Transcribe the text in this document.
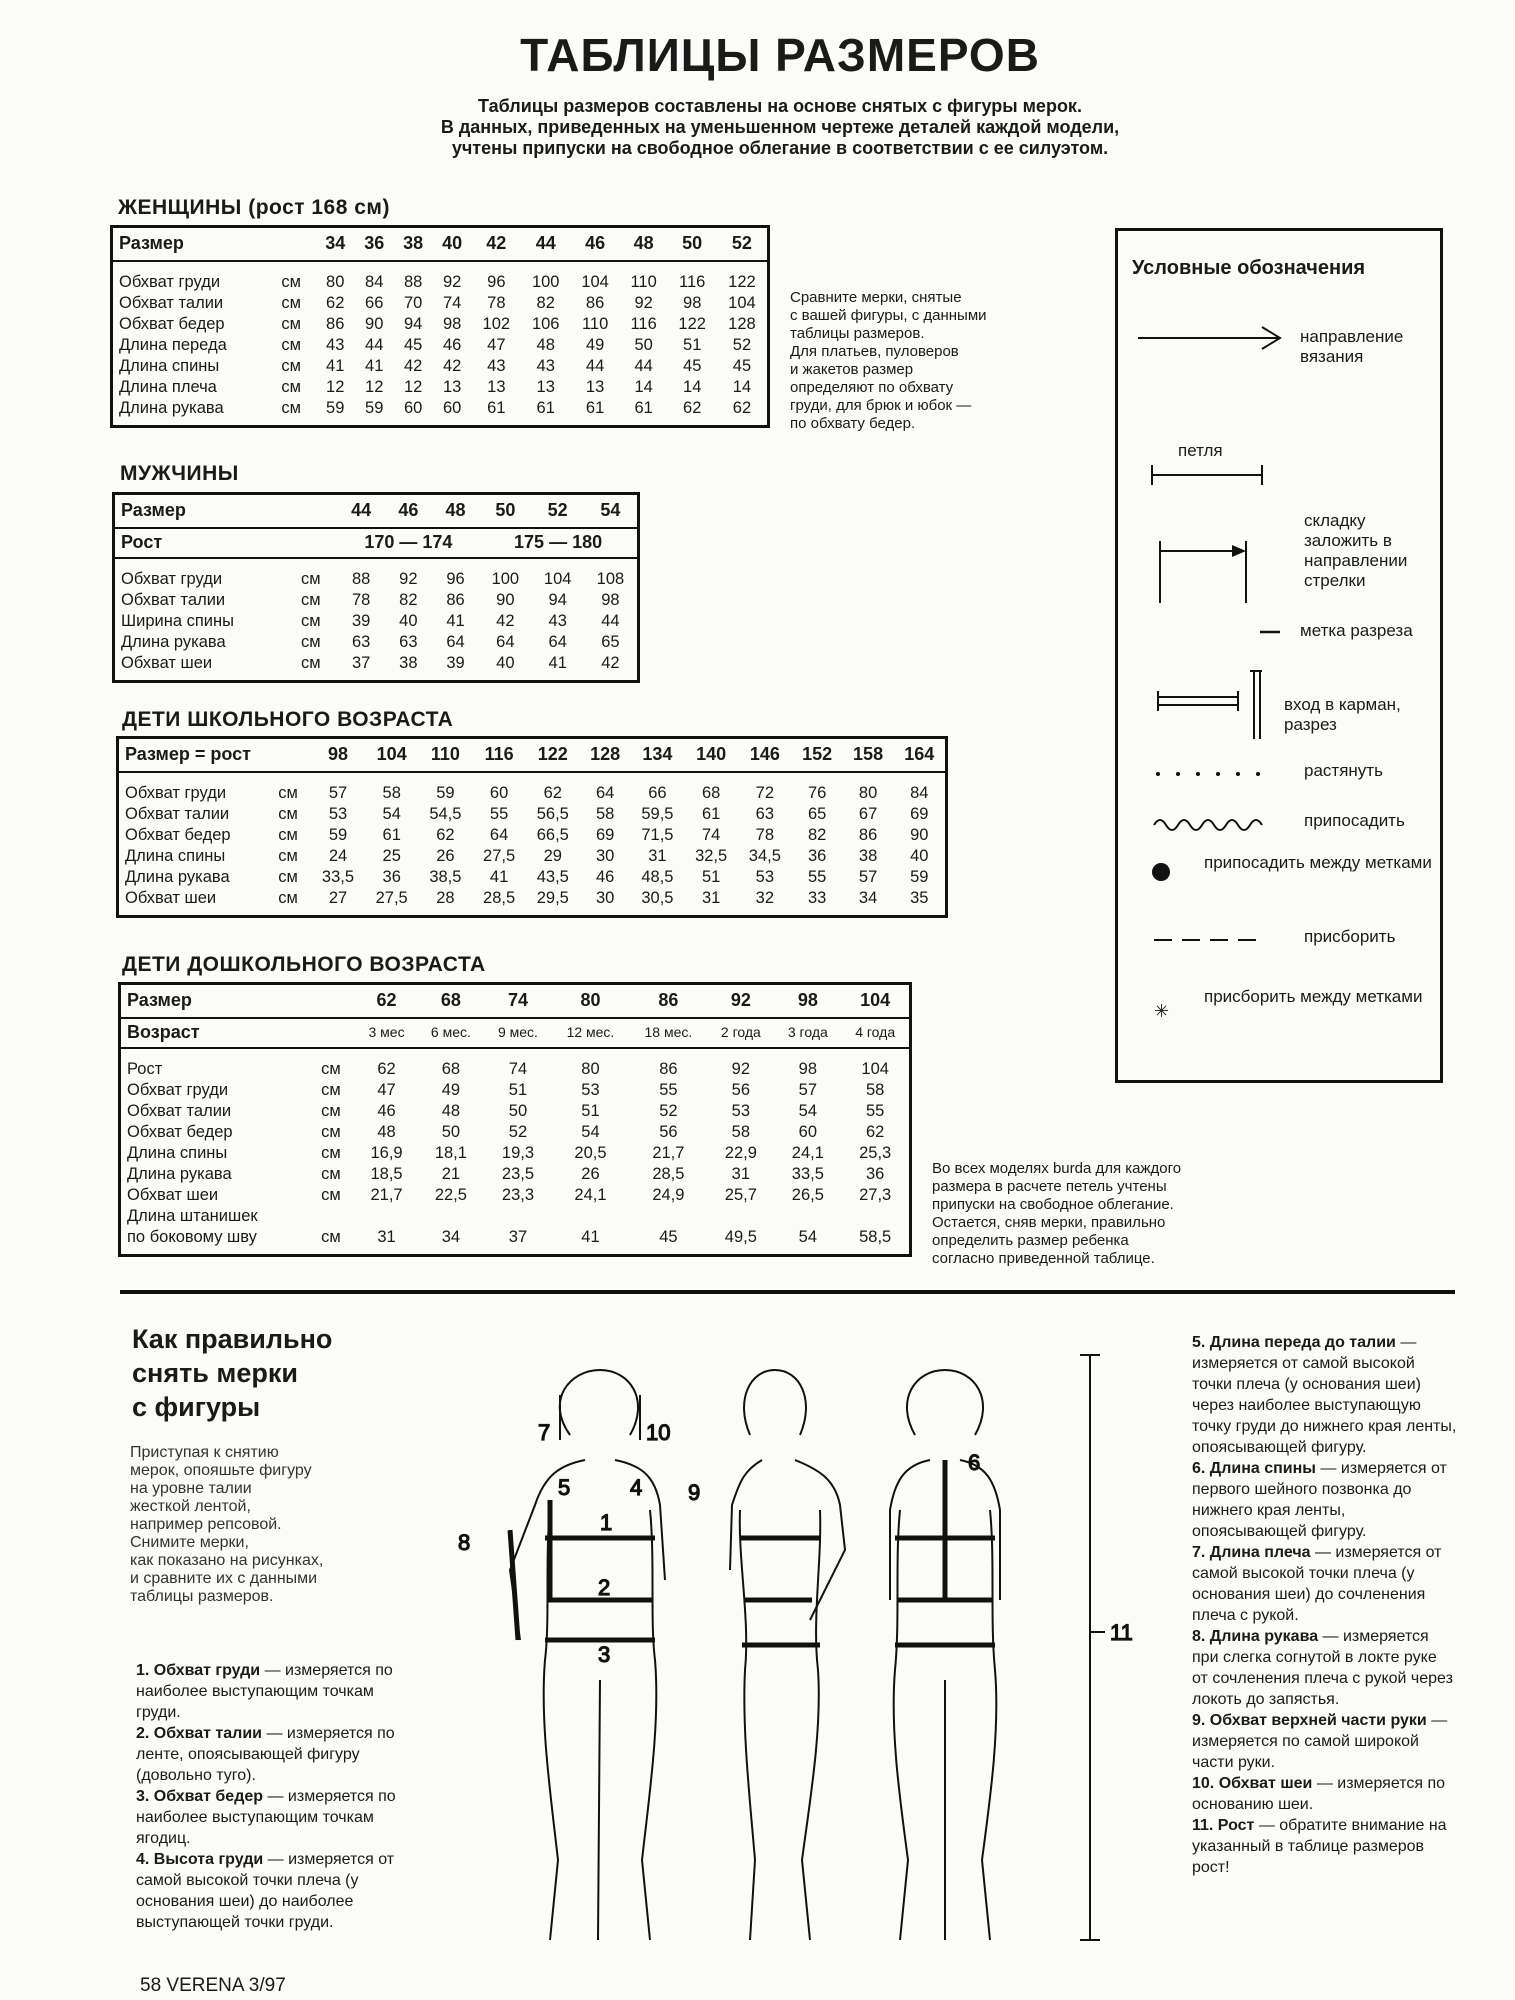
ТАБЛИЦЫ РАЗМЕРОВ
Таблицы размеров составлены на основе снятых с фигуры мерок.
В данных, приведенных на уменьшенном чертеже деталей каждой модели,
учтены припуски на свободное облегание в соответствии с ее силуэтом.
ЖЕНЩИНЫ (рост 168 см)
Размер		34	36	38	40	42	44	46	48	50	52
Обхват груди	см	80	84	88	92	96	100	104	110	116	122
Обхват талии	см	62	66	70	74	78	82	86	92	98	104
Обхват бедер	см	86	90	94	98	102	106	110	116	122	128
Длина переда	см	43	44	45	46	47	48	49	50	51	52
Длина спины	см	41	41	42	42	43	43	44	44	45	45
Длина плеча	см	12	12	12	13	13	13	13	14	14	14
Длина рукава	см	59	59	60	60	61	61	61	61	62	62

Сравните мерки, снятые
с вашей фигуры, с данными
таблицы размеров.
Для платьев, пуловеров
и жакетов размер
определяют по обхвату
груди, для брюк и юбок —
по обхвату бедер.
МУЖЧИНЫ
Размер		44	46	48	50	52	54
Рост		170 — 174			175 — 180		
Обхват груди	см	88	92	96	100	104	108
Обхват талии	см	78	82	86	90	94	98
Ширина спины	см	39	40	41	42	43	44
Длина рукава	см	63	63	64	64	64	65
Обхват шеи	см	37	38	39	40	41	42

ДЕТИ ШКОЛЬНОГО ВОЗРАСТА
Размер = рост		98	104	110	116	122	128	134	140	146	152	158	164
Обхват груди	см	57	58	59	60	62	64	66	68	72	76	80	84
Обхват талии	см	53	54	54,5	55	56,5	58	59,5	61	63	65	67	69
Обхват бедер	см	59	61	62	64	66,5	69	71,5	74	78	82	86	90
Длина спины	см	24	25	26	27,5	29	30	31	32,5	34,5	36	38	40
Длина рукава	см	33,5	36	38,5	41	43,5	46	48,5	51	53	55	57	59
Обхват шеи	см	27	27,5	28	28,5	29,5	30	30,5	31	32	33	34	35

ДЕТИ ДОШКОЛЬНОГО ВОЗРАСТА
Размер		62	68	74	80	86	92	98	104
Возраст		3 мес	6 мес.	9 мес.	12 мес.	18 мес.	2 года	3 года	4 года
Рост	см	62	68	74	80	86	92	98	104
Обхват груди	см	47	49	51	53	55	56	57	58
Обхват талии	см	46	48	50	51	52	53	54	55
Обхват бедер	см	48	50	52	54	56	58	60	62
Длина спины	см	16,9	18,1	19,3	20,5	21,7	22,9	24,1	25,3
Длина рукава	см	18,5	21	23,5	26	28,5	31	33,5	36
Обхват шеи	см	21,7	22,5	23,3	24,1	24,9	25,7	26,5	27,3
Длина штанишек									
по боковому шву	см	31	34	37	41	45	49,5	54	58,5

Во всех моделях burda для каждого
размера в расчете петель учтены
припуски на свободное облегание.
Остается, сняв мерки, правильно
определить размер ребенка
согласно приведенной таблице.
Условные обозначения
направление вязания
петля
складку заложить в направлении стрелки
метка разреза
вход в карман, разрез
растянуть
припосадить
припосадить между метками
присборить
✳
присборить между метками
Как правильно
снять мерки
с фигуры
Приступая к снятию
мерок, опояшьте фигуру
на уровне талии
жесткой лентой,
например репсовой.
Снимите мерки,
как показано на рисунках,
и сравните их с данными
таблицы размеров.
1. Обхват груди — измеряется по наиболее выступающим точкам груди.
2. Обхват талии — измеряется по ленте, опоясывающей фигуру (довольно туго).
3. Обхват бедер — измеряется по наиболее выступающим точкам ягодиц.
4. Высота груди — измеряется от самой высокой точки плеча (у основания шеи) до наиболее выступающей точки груди.
5. Длина переда до талии — измеряется от самой высокой точки плеча (у основания шеи) через наиболее выступающую точку груди до нижнего края ленты, опоясывающей фигуру.
6. Длина спины — измеряется от первого шейного позвонка до нижнего края ленты, опоясывающей фигуру.
7. Длина плеча — измеряется от самой высокой точки плеча (у основания шеи) до сочленения плеча с рукой.
8. Длина рукава — измеряется при слегка согнутой в локте руке от сочленения плеча с рукой через локоть до запястья.
9. Обхват верхней части руки — измеряется по самой широкой части руки.
10. Обхват шеи — измеряется по основанию шеи.
11. Рост — обратите внимание на указанный в таблице размеров рост!
1
2
3
4
5
6
7
8
9
10
11
58 VERENA 3/97
